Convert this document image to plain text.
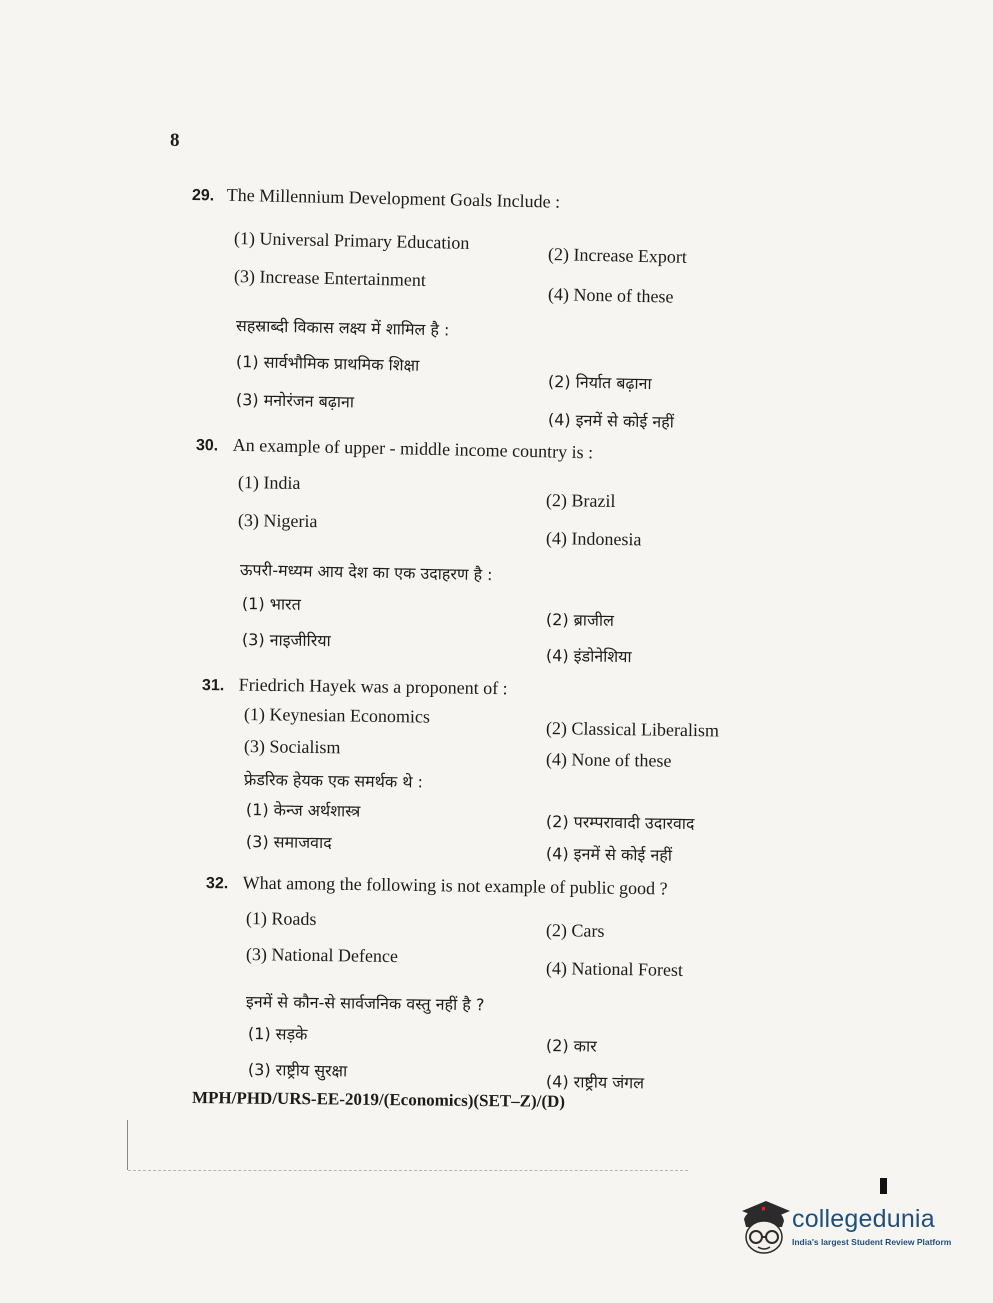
8
29. The Millennium Development Goals Include :
(1) Universal Primary Education
(2) Increase Export
(3) Increase Entertainment
(4) None of these
सहस्राब्दी विकास लक्ष्य में शामिल है :
(1) सार्वभौमिक प्राथमिक शिक्षा
(2) निर्यात बढ़ाना
(3) मनोरंजन बढ़ाना
(4) इनमें से कोई नहीं
30. An example of upper - middle income country is :
(1) India
(2) Brazil
(3) Nigeria
(4) Indonesia
ऊपरी-मध्यम आय देश का एक उदाहरण है :
(1) भारत
(2) ब्राजील
(3) नाइजीरिया
(4) इंडोनेशिया
31. Friedrich Hayek was a proponent of :
(1) Keynesian Economics
(2) Classical Liberalism
(3) Socialism
(4) None of these
फ्रेडरिक हेयक एक समर्थक थे :
(1) केन्ज अर्थशास्त्र
(2) परम्परावादी उदारवाद
(3) समाजवाद
(4) इनमें से कोई नहीं
32. What among the following is not example of public good ?
(1) Roads
(2) Cars
(3) National Defence
(4) National Forest
इनमें से कौन-से सार्वजनिक वस्तु नहीं है ?
(1) सड़के
(2) कार
(3) राष्ट्रीय सुरक्षा
(4) राष्ट्रीय जंगल
MPH/PHD/URS-EE-2019/(Economics)(SET–Z)/(D)
collegedunia
India's largest Student Review Platform
